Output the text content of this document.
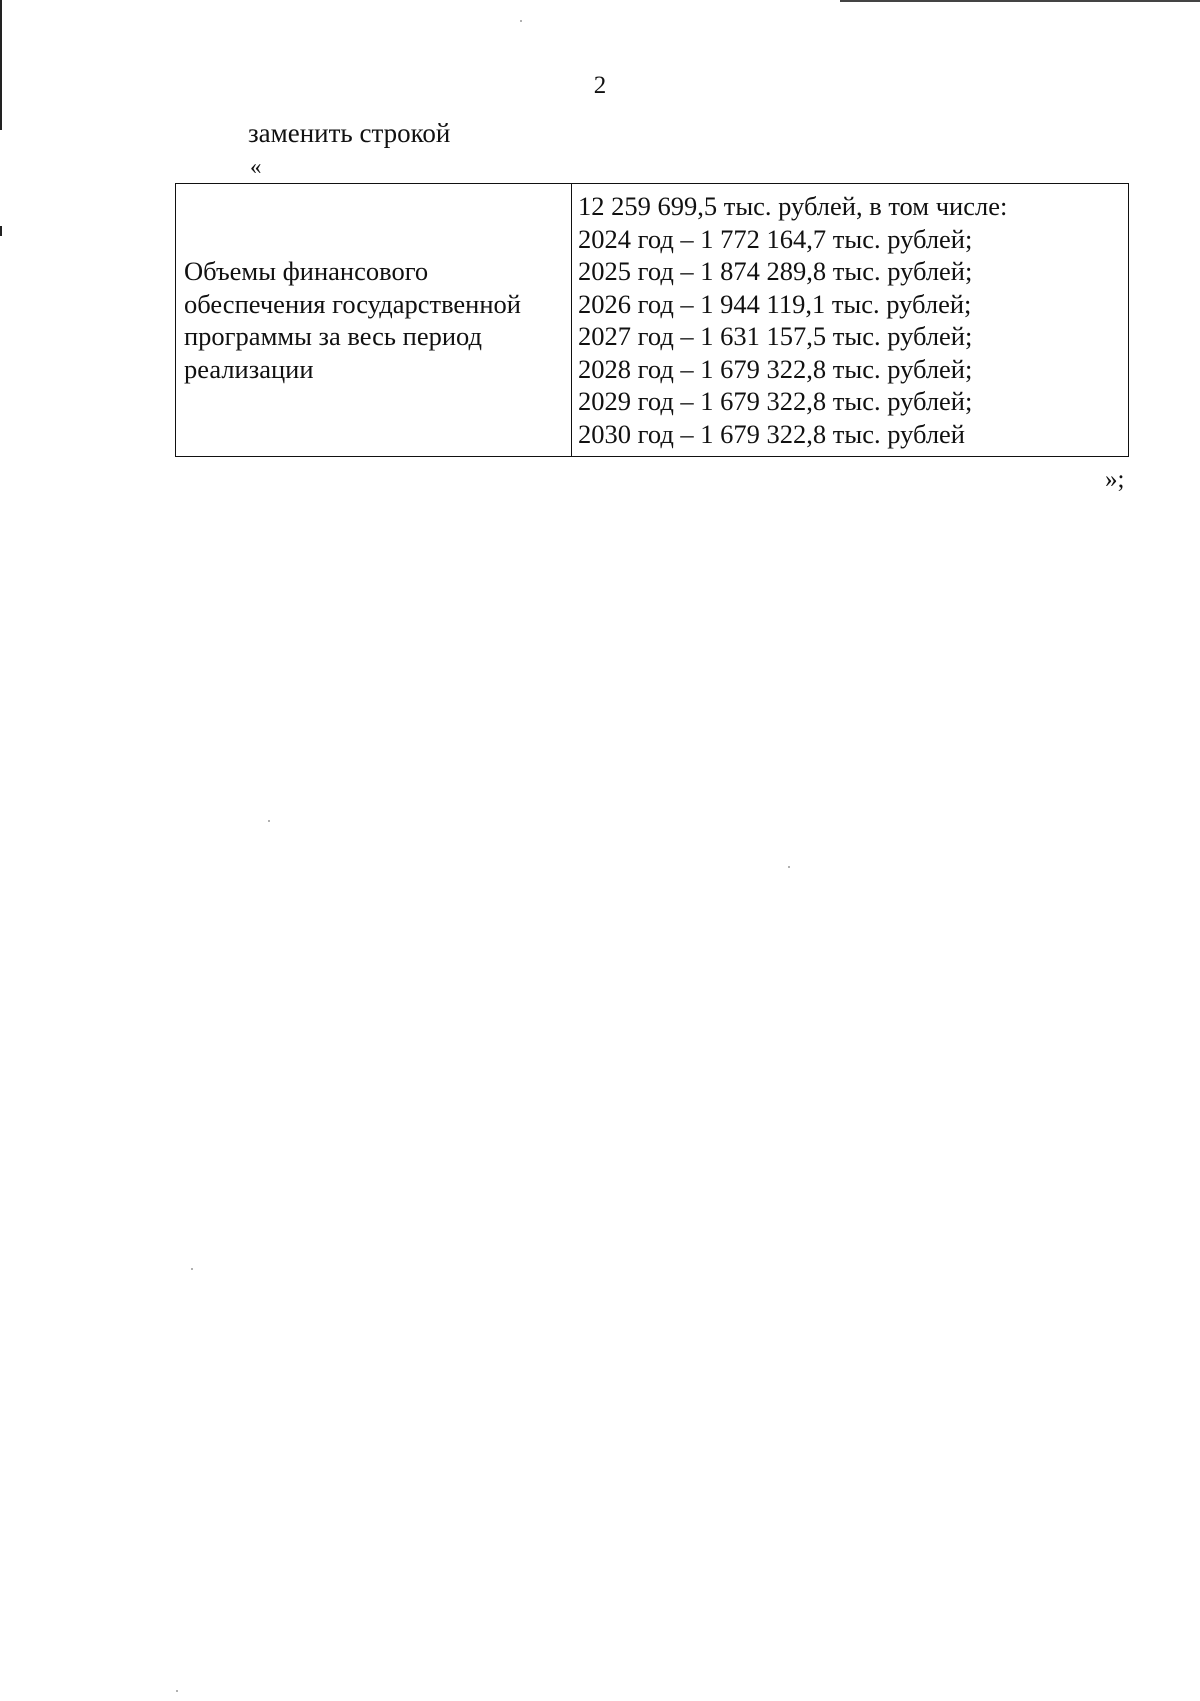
2
заменить строкой
«
Объемы финансового
обеспечения государственной
программы за весь период
реализации
12 259 699,5 тыс. рублей, в том числе:
2024 год – 1 772 164,7 тыс. рублей;
2025 год – 1 874 289,8 тыс. рублей;
2026 год – 1 944 119,1 тыс. рублей;
2027 год – 1 631 157,5 тыс. рублей;
2028 год – 1 679 322,8 тыс. рублей;
2029 год – 1 679 322,8 тыс. рублей;
2030 год – 1 679 322,8 тыс. рублей
»;
